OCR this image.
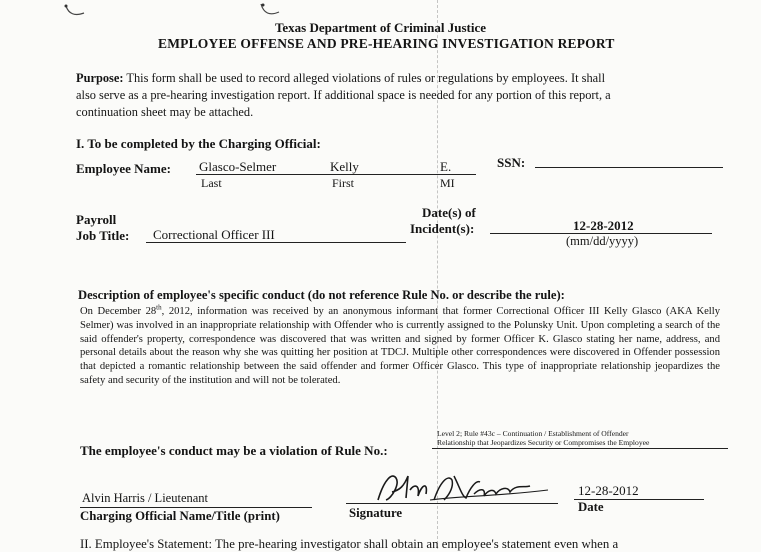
Texas Department of Criminal Justice
EMPLOYEE OFFENSE AND PRE-HEARING INVESTIGATION REPORT
Purpose: This form shall be used to record alleged violations of rules or regulations by employees. It shall
also serve as a pre-hearing investigation report. If additional space is needed for any portion of this report, a
continuation sheet may be attached.
I. To be completed by the Charging Official:
Employee Name: Glasco-Selmer	Kelly	E.
Last	First	MI
SSN:
Payroll
Job Title: Correctional Officer III
Date(s) of
Incident(s):	12-28-2012
(mm/dd/yyyy)
Description of employee's specific conduct (do not reference Rule No. or describe the rule):
On December 28th, 2012, information was received by an anonymous informant that former Correctional Officer III Kelly Glasco (AKA Kelly Selmer) was involved in an inappropriate relationship with Offender who is currently assigned to the Polunsky Unit. Upon completing a search of the said offender's property, correspondence was discovered that was written and signed by former Officer K. Glasco stating her name, address, and personal details about the reason why she was quitting her position at TDCJ. Multiple other correspondences were discovered in Offender possession that depicted a romantic relationship between the said offender and former Officer Glasco. This type of inappropriate relationship jeopardizes the safety and security of the institution and will not be tolerated.
The employee's conduct may be a violation of Rule No.:
Level 2; Rule #43c – Continuation / Establishment of Offender
Relationship that Jeopardizes Security or Compromises the Employee
Alvin Harris / Lieutenant
Charging Official Name/Title (print)	Signature
12-28-2012
Date
II. Employee's Statement: The pre-hearing investigator shall obtain an employee's statement even when a
